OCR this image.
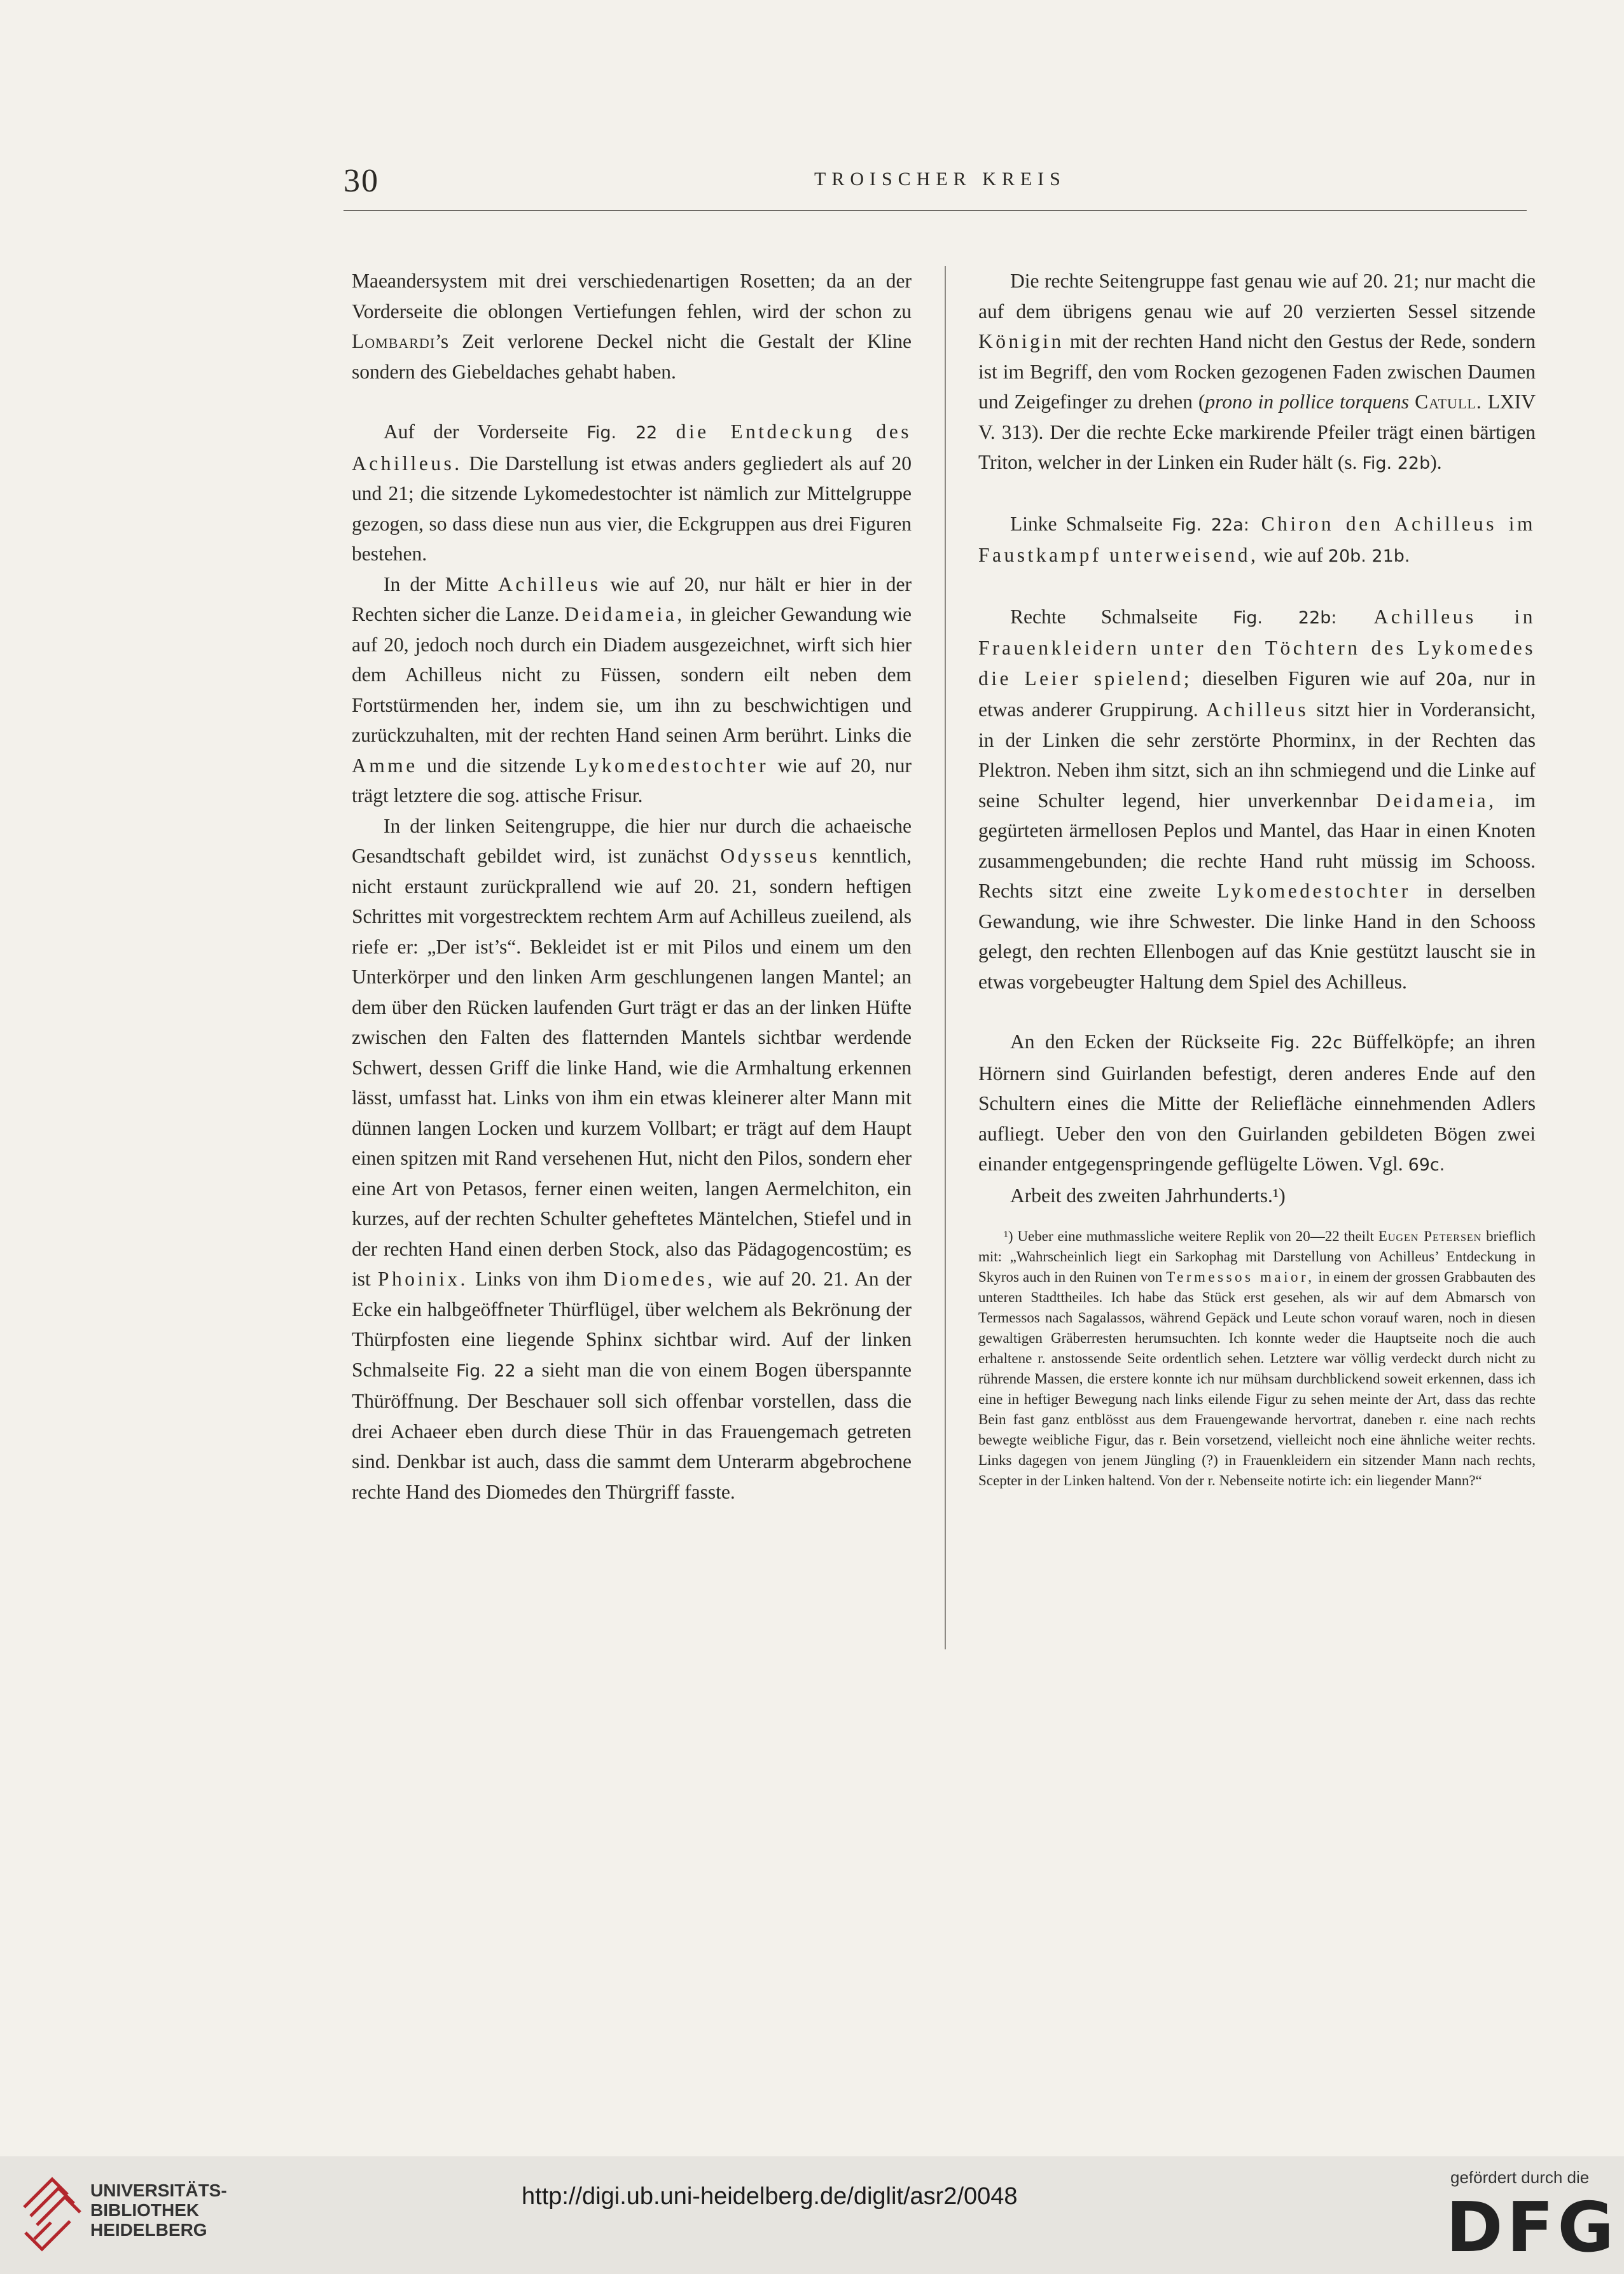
30	TROISCHER KREIS

Maeandersystem mit drei verschiedenartigen Rosetten; da an der Vorderseite die oblongen Vertiefungen fehlen, wird der schon zu Lombardi’s Zeit verlorene Deckel nicht die Gestalt der Kline sondern des Giebeldaches gehabt haben.

Auf der Vorderseite Fig. 22 die Entdeckung des Achilleus. Die Darstellung ist etwas anders gegliedert als auf 20 und 21; die sitzende Lykomedestochter ist nämlich zur Mittelgruppe gezogen, so dass diese nun aus vier, die Eckgruppen aus drei Figuren bestehen.

In der Mitte Achilleus wie auf 20, nur hält er hier in der Rechten sicher die Lanze. Deidameia, in gleicher Gewandung wie auf 20, jedoch noch durch ein Diadem ausgezeichnet, wirft sich hier dem Achilleus nicht zu Füssen, sondern eilt neben dem Fortstürmenden her, indem sie, um ihn zu beschwichtigen und zurückzuhalten, mit der rechten Hand seinen Arm berührt. Links die Amme und die sitzende Lykomedestochter wie auf 20, nur trägt letztere die sog. attische Frisur.

In der linken Seitengruppe, die hier nur durch die achaeische Gesandtschaft gebildet wird, ist zunächst Odysseus kenntlich, nicht erstaunt zurückprallend wie auf 20. 21, sondern heftigen Schrittes mit vorgestrecktem rechtem Arm auf Achilleus zueilend, als riefe er: „Der ist’s“. Bekleidet ist er mit Pilos und einem um den Unterkörper und den linken Arm geschlungenen langen Mantel; an dem über den Rücken laufenden Gurt trägt er das an der linken Hüfte zwischen den Falten des flatternden Mantels sichtbar werdende Schwert, dessen Griff die linke Hand, wie die Armhaltung erkennen lässt, umfasst hat. Links von ihm ein etwas kleinerer alter Mann mit dünnen langen Locken und kurzem Vollbart; er trägt auf dem Haupt einen spitzen mit Rand versehenen Hut, nicht den Pilos, sondern eher eine Art von Petasos, ferner einen weiten, langen Aermelchiton, ein kurzes, auf der rechten Schulter geheftetes Mäntelchen, Stiefel und in der rechten Hand einen derben Stock, also das Pädagogencostüm; es ist Phoinix. Links von ihm Diomedes, wie auf 20. 21. An der Ecke ein halbgeöffneter Thürflügel, über welchem als Bekrönung der Thürpfosten eine liegende Sphinx sichtbar wird. Auf der linken Schmalseite Fig. 22 a sieht man die von einem Bogen überspannte Thüröffnung. Der Beschauer soll sich offenbar vorstellen, dass die drei Achaeer eben durch diese Thür in das Frauengemach getreten sind. Denkbar ist auch, dass die sammt dem Unterarm abgebrochene rechte Hand des Diomedes den Thürgriff fasste.

Die rechte Seitengruppe fast genau wie auf 20. 21; nur macht die auf dem übrigens genau wie auf 20 verzierten Sessel sitzende Königin mit der rechten Hand nicht den Gestus der Rede, sondern ist im Begriff, den vom Rocken gezogenen Faden zwischen Daumen und Zeigefinger zu drehen (prono in pollice torquens Catull. LXIV V. 313). Der die rechte Ecke markirende Pfeiler trägt einen bärtigen Triton, welcher in der Linken ein Ruder hält (s. Fig. 22b).

Linke Schmalseite Fig. 22a: Chiron den Achilleus im Faustkampf unterweisend, wie auf 20b. 21b.

Rechte Schmalseite Fig. 22b: Achilleus in Frauenkleidern unter den Töchtern des Lykomedes die Leier spielend; dieselben Figuren wie auf 20a, nur in etwas anderer Gruppirung. Achilleus sitzt hier in Vorderansicht, in der Linken die sehr zerstörte Phorminx, in der Rechten das Plektron. Neben ihm sitzt, sich an ihn schmiegend und die Linke auf seine Schulter legend, hier unverkennbar Deidameia, im gegürteten ärmellosen Peplos und Mantel, das Haar in einen Knoten zusammengebunden; die rechte Hand ruht müssig im Schooss. Rechts sitzt eine zweite Lykomedestochter in derselben Gewandung, wie ihre Schwester. Die linke Hand in den Schooss gelegt, den rechten Ellenbogen auf das Knie gestützt lauscht sie in etwas vorgebeugter Haltung dem Spiel des Achilleus.

An den Ecken der Rückseite Fig. 22c Büffelköpfe; an ihren Hörnern sind Guirlanden befestigt, deren anderes Ende auf den Schultern eines die Mitte der Reliefläche einnehmenden Adlers aufliegt. Ueber den von den Guirlanden gebildeten Bögen zwei einander entgegenspringende geflügelte Löwen. Vgl. 69c.

Arbeit des zweiten Jahrhunderts.¹)

¹) Ueber eine muthmassliche weitere Replik von 20—22 theilt Eugen Petersen brieflich mit: „Wahrscheinlich liegt ein Sarkophag mit Darstellung von Achilleus’ Entdeckung in Skyros auch in den Ruinen von Termessos maior, in einem der grossen Grabbauten des unteren Stadttheiles. Ich habe das Stück erst gesehen, als wir auf dem Abmarsch von Termessos nach Sagalassos, während Gepäck und Leute schon vorauf waren, noch in diesen gewaltigen Gräberresten herumsuchten. Ich konnte weder die Hauptseite noch die auch erhaltene r. anstossende Seite ordentlich sehen. Letztere war völlig verdeckt durch nicht zu rührende Massen, die erstere konnte ich nur mühsam durchblickend soweit erkennen, dass ich eine in heftiger Bewegung nach links eilende Figur zu sehen meinte der Art, dass das rechte Bein fast ganz entblösst aus dem Frauengewande hervortrat, daneben r. eine nach rechts bewegte weibliche Figur, das r. Bein vorsetzend, vielleicht noch eine ähnliche weiter rechts. Links dagegen von jenem Jüngling (?) in Frauenkleidern ein sitzender Mann nach rechts, Scepter in der Linken haltend. Von der r. Nebenseite notirte ich: ein liegender Mann?“

UNIVERSITÄTS-
BIBLIOTHEK
HEIDELBERG
http://digi.ub.uni-heidelberg.de/diglit/asr2/0048
gefördert durch die
DFG
